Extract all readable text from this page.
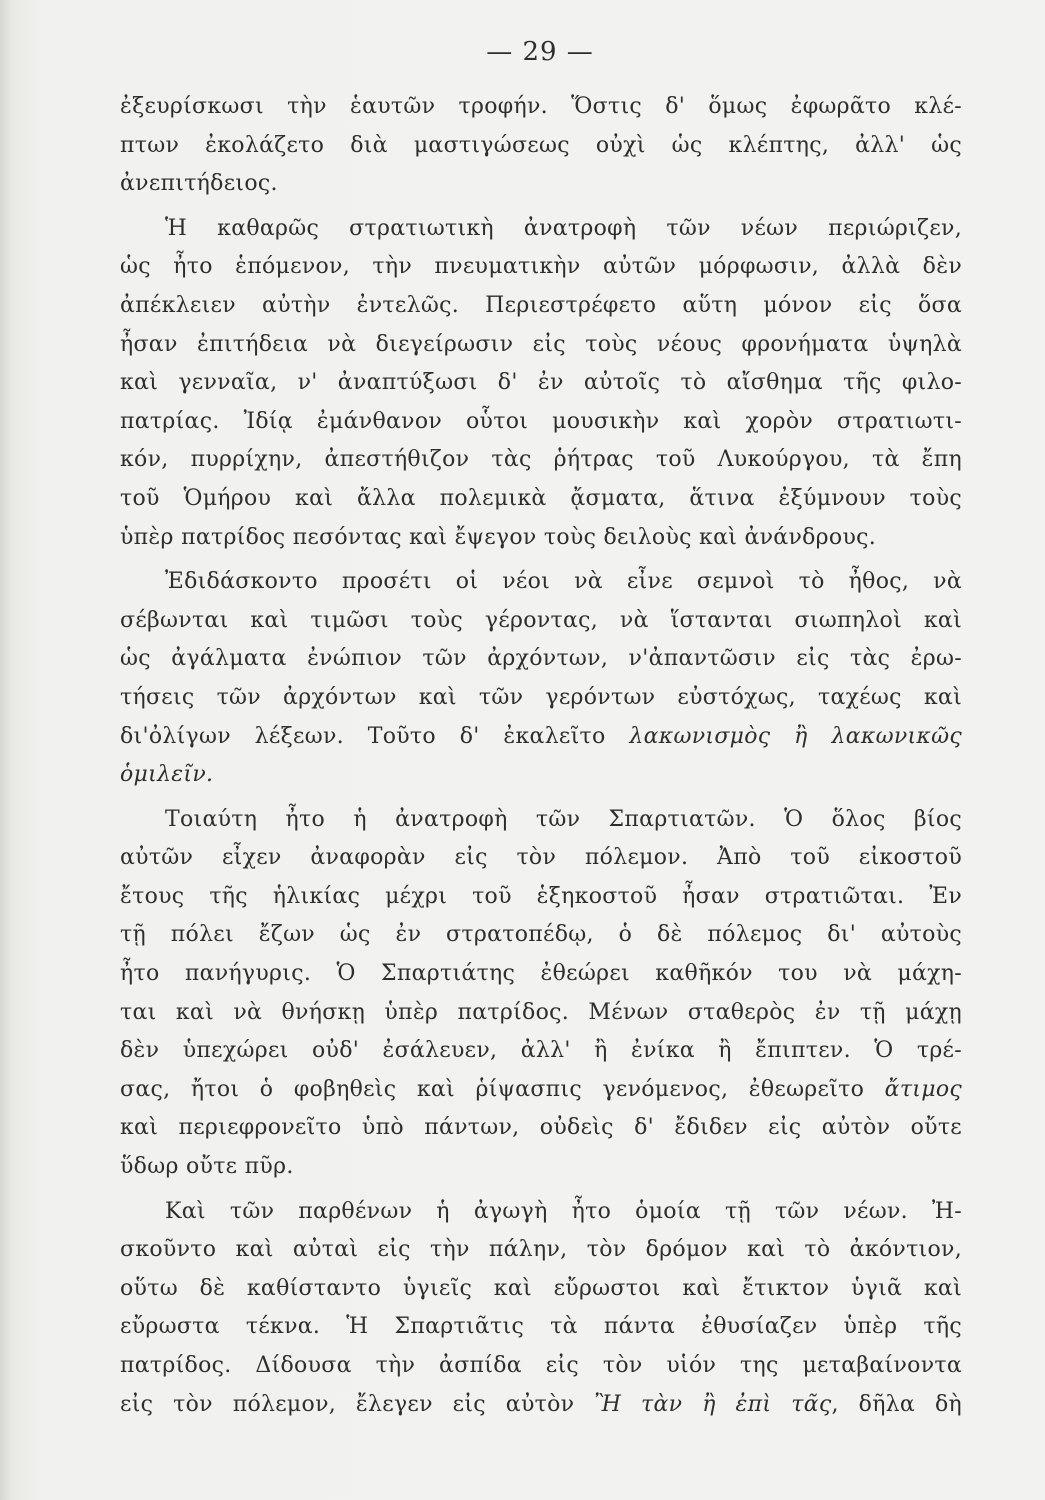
— 29 —
ἐξευρίσκωσι τὴν ἑαυτῶν τροφήν. Ὅστις δ' ὅμως ἐφωρᾶτο κλέ-
πτων ἐκολάζετο διὰ μαστιγώσεως οὐχὶ ὡς κλέπτης, ἀλλ' ὡς
ἀνεπιτήδειος.
Ἡ καθαρῶς στρατιωτικὴ ἀνατροφὴ τῶν νέων περιώριζεν,
ὡς ἦτο ἑπόμενον, τὴν πνευματικὴν αὐτῶν μόρφωσιν, ἀλλὰ δὲν
ἀπέκλειεν αὐτὴν ἐντελῶς. Περιεστρέφετο αὕτη μόνον εἰς ὅσα
ἦσαν ἐπιτήδεια νὰ διεγείρωσιν εἰς τοὺς νέους φρονήματα ὑψηλὰ
καὶ γενναῖα, ν' ἀναπτύξωσι δ' ἐν αὐτοῖς τὸ αἴσθημα τῆς φιλο-
πατρίας. Ἰδίᾳ ἐμάνθανον οὗτοι μουσικὴν καὶ χορὸν στρατιωτι-
κόν, πυρρίχην, ἀπεστήθιζον τὰς ῥήτρας τοῦ Λυκούργου, τὰ ἔπη
τοῦ Ὁμήρου καὶ ἄλλα πολεμικὰ ᾄσματα, ἅτινα ἐξύμνουν τοὺς
ὑπὲρ πατρίδος πεσόντας καὶ ἔψεγον τοὺς δειλοὺς καὶ ἀνάνδρους.
Ἐδιδάσκοντο προσέτι οἱ νέοι νὰ εἶνε σεμνοὶ τὸ ἦθος, νὰ
σέβωνται καὶ τιμῶσι τοὺς γέροντας, νὰ ἵστανται σιωπηλοὶ καὶ
ὡς ἀγάλματα ἐνώπιον τῶν ἀρχόντων, ν'ἀπαντῶσιν εἰς τὰς ἐρω-
τήσεις τῶν ἀρχόντων καὶ τῶν γερόντων εὐστόχως, ταχέως καὶ
δι'ὀλίγων λέξεων. Τοῦτο δ' ἐκαλεῖτο λακωνισμὸς ἢ λακωνικῶς
ὁμιλεῖν.
Τοιαύτη ἦτο ἡ ἀνατροφὴ τῶν Σπαρτιατῶν. Ὁ ὅλος βίος
αὐτῶν εἶχεν ἀναφορὰν εἰς τὸν πόλεμον. Ἀπὸ τοῦ εἰκοστοῦ
ἔτους τῆς ἡλικίας μέχρι τοῦ ἑξηκοστοῦ ἦσαν στρατιῶται. Ἐν
τῇ πόλει ἔζων ὡς ἐν στρατοπέδῳ, ὁ δὲ πόλεμος δι' αὐτοὺς
ἦτο πανήγυρις. Ὁ Σπαρτιάτης ἐθεώρει καθῆκόν του νὰ μάχη-
ται καὶ νὰ θνήσκῃ ὑπὲρ πατρίδος. Μένων σταθερὸς ἐν τῇ μάχῃ
δὲν ὑπεχώρει οὐδ' ἐσάλευεν, ἀλλ' ἢ ἐνίκα ἢ ἔπιπτεν. Ὁ τρέ-
σας, ἤτοι ὁ φοβηθεὶς καὶ ῥίψασπις γενόμενος, ἐθεωρεῖτο ἄτιμος
καὶ περιεφρονεῖτο ὑπὸ πάντων, οὐδεὶς δ' ἔδιδεν εἰς αὐτὸν οὔτε
ὕδωρ οὔτε πῦρ.
Καὶ τῶν παρθένων ἡ ἀγωγὴ ἦτο ὁμοία τῇ τῶν νέων. Ἠ-
σκοῦντο καὶ αὐταὶ εἰς τὴν πάλην, τὸν δρόμον καὶ τὸ ἀκόντιον,
οὕτω δὲ καθίσταντο ὑγιεῖς καὶ εὔρωστοι καὶ ἔτικτον ὑγιᾶ καὶ
εὔρωστα τέκνα. Ἡ Σπαρτιᾶτις τὰ πάντα ἐθυσίαζεν ὑπὲρ τῆς
πατρίδος. Δίδουσα τὴν ἀσπίδα εἰς τὸν υἱόν της μεταβαίνοντα
εἰς τὸν πόλεμον, ἔλεγεν εἰς αὐτὸν Ἢ τὰν ἢ ἐπὶ τᾶς, δῆλα δὴ
